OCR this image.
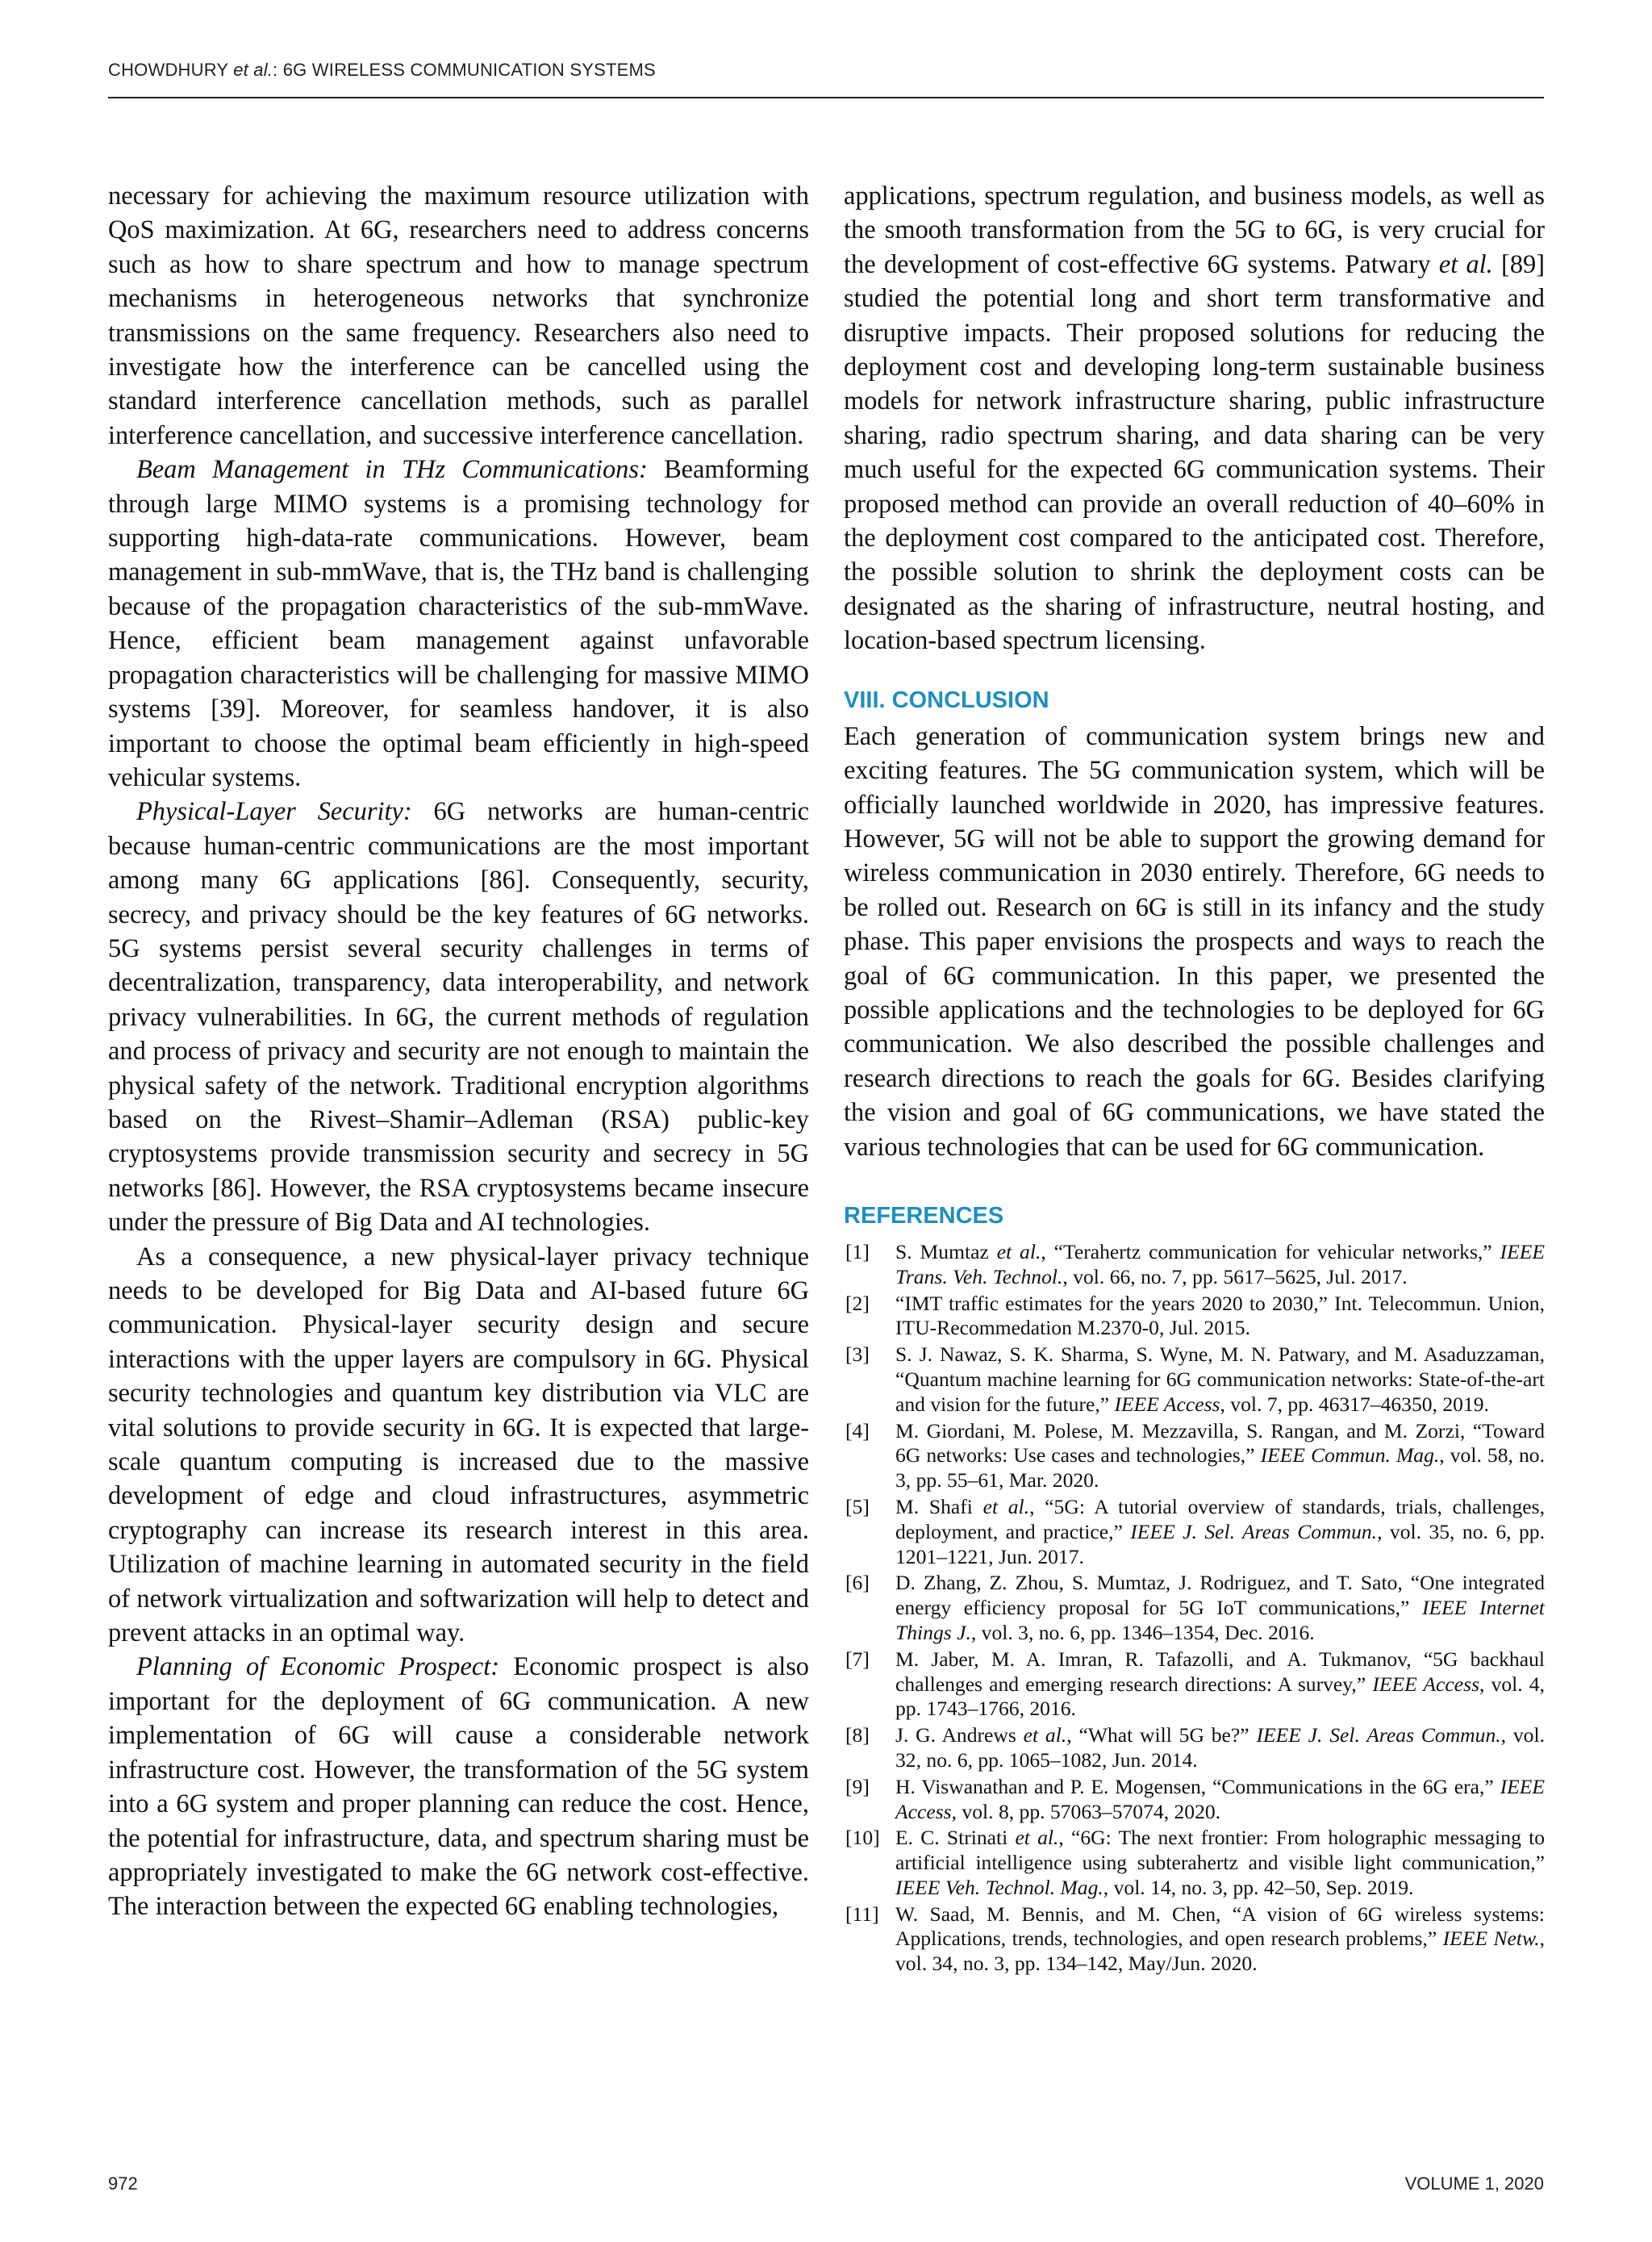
CHOWDHURY et al.: 6G WIRELESS COMMUNICATION SYSTEMS

necessary for achieving the maximum resource utilization with QoS maximization. At 6G, researchers need to address concerns such as how to share spectrum and how to manage spectrum mechanisms in heterogeneous networks that synchronize transmissions on the same frequency. Researchers also need to investigate how the interference can be cancelled using the standard interference cancellation methods, such as parallel interference cancellation, and successive interference cancellation.

Beam Management in THz Communications: Beamforming through large MIMO systems is a promising technology for supporting high-data-rate communications. However, beam management in sub-mmWave, that is, the THz band is challenging because of the propagation characteristics of the sub-mmWave. Hence, efficient beam management against unfavorable propagation characteristics will be challenging for massive MIMO systems [39]. Moreover, for seamless handover, it is also important to choose the optimal beam efficiently in high-speed vehicular systems.

Physical-Layer Security: 6G networks are human-centric because human-centric communications are the most important among many 6G applications [86]. Consequently, security, secrecy, and privacy should be the key features of 6G networks. 5G systems persist several security challenges in terms of decentralization, transparency, data interoperability, and network privacy vulnerabilities. In 6G, the current methods of regulation and process of privacy and security are not enough to maintain the physical safety of the network. Traditional encryption algorithms based on the Rivest–Shamir–Adleman (RSA) public-key cryptosystems provide transmission security and secrecy in 5G networks [86]. However, the RSA cryptosystems became insecure under the pressure of Big Data and AI technologies.

As a consequence, a new physical-layer privacy technique needs to be developed for Big Data and AI-based future 6G communication. Physical-layer security design and secure interactions with the upper layers are compulsory in 6G. Physical security technologies and quantum key distribution via VLC are vital solutions to provide security in 6G. It is expected that large-scale quantum computing is increased due to the massive development of edge and cloud infrastructures, asymmetric cryptography can increase its research interest in this area. Utilization of machine learning in automated security in the field of network virtualization and softwarization will help to detect and prevent attacks in an optimal way.

Planning of Economic Prospect: Economic prospect is also important for the deployment of 6G communication. A new implementation of 6G will cause a considerable network infrastructure cost. However, the transformation of the 5G system into a 6G system and proper planning can reduce the cost. Hence, the potential for infrastructure, data, and spectrum sharing must be appropriately investigated to make the 6G network cost-effective. The interaction between the expected 6G enabling technologies,

applications, spectrum regulation, and business models, as well as the smooth transformation from the 5G to 6G, is very crucial for the development of cost-effective 6G systems. Patwary et al. [89] studied the potential long and short term transformative and disruptive impacts. Their proposed solutions for reducing the deployment cost and developing long-term sustainable business models for network infrastructure sharing, public infrastructure sharing, radio spectrum sharing, and data sharing can be very much useful for the expected 6G communication systems. Their proposed method can provide an overall reduction of 40–60% in the deployment cost compared to the anticipated cost. Therefore, the possible solution to shrink the deployment costs can be designated as the sharing of infrastructure, neutral hosting, and location-based spectrum licensing.

VIII. CONCLUSION

Each generation of communication system brings new and exciting features. The 5G communication system, which will be officially launched worldwide in 2020, has impressive features. However, 5G will not be able to support the growing demand for wireless communication in 2030 entirely. Therefore, 6G needs to be rolled out. Research on 6G is still in its infancy and the study phase. This paper envisions the prospects and ways to reach the goal of 6G communication. In this paper, we presented the possible applications and the technologies to be deployed for 6G communication. We also described the possible challenges and research directions to reach the goals for 6G. Besides clarifying the vision and goal of 6G communications, we have stated the various technologies that can be used for 6G communication.

REFERENCES
[1] S. Mumtaz et al., “Terahertz communication for vehicular networks,” IEEE Trans. Veh. Technol., vol. 66, no. 7, pp. 5617–5625, Jul. 2017.
[2] “IMT traffic estimates for the years 2020 to 2030,” Int. Telecommun. Union, ITU-Recommedation M.2370-0, Jul. 2015.
[3] S. J. Nawaz, S. K. Sharma, S. Wyne, M. N. Patwary, and M. Asaduzzaman, “Quantum machine learning for 6G communication networks: State-of-the-art and vision for the future,” IEEE Access, vol. 7, pp. 46317–46350, 2019.
[4] M. Giordani, M. Polese, M. Mezzavilla, S. Rangan, and M. Zorzi, “Toward 6G networks: Use cases and technologies,” IEEE Commun. Mag., vol. 58, no. 3, pp. 55–61, Mar. 2020.
[5] M. Shafi et al., “5G: A tutorial overview of standards, trials, challenges, deployment, and practice,” IEEE J. Sel. Areas Commun., vol. 35, no. 6, pp. 1201–1221, Jun. 2017.
[6] D. Zhang, Z. Zhou, S. Mumtaz, J. Rodriguez, and T. Sato, “One integrated energy efficiency proposal for 5G IoT communications,” IEEE Internet Things J., vol. 3, no. 6, pp. 1346–1354, Dec. 2016.
[7] M. Jaber, M. A. Imran, R. Tafazolli, and A. Tukmanov, “5G backhaul challenges and emerging research directions: A survey,” IEEE Access, vol. 4, pp. 1743–1766, 2016.
[8] J. G. Andrews et al., “What will 5G be?” IEEE J. Sel. Areas Commun., vol. 32, no. 6, pp. 1065–1082, Jun. 2014.
[9] H. Viswanathan and P. E. Mogensen, “Communications in the 6G era,” IEEE Access, vol. 8, pp. 57063–57074, 2020.
[10] E. C. Strinati et al., “6G: The next frontier: From holographic messaging to artificial intelligence using subterahertz and visible light communication,” IEEE Veh. Technol. Mag., vol. 14, no. 3, pp. 42–50, Sep. 2019.
[11] W. Saad, M. Bennis, and M. Chen, “A vision of 6G wireless systems: Applications, trends, technologies, and open research problems,” IEEE Netw., vol. 34, no. 3, pp. 134–142, May/Jun. 2020.
972	VOLUME 1, 2020
